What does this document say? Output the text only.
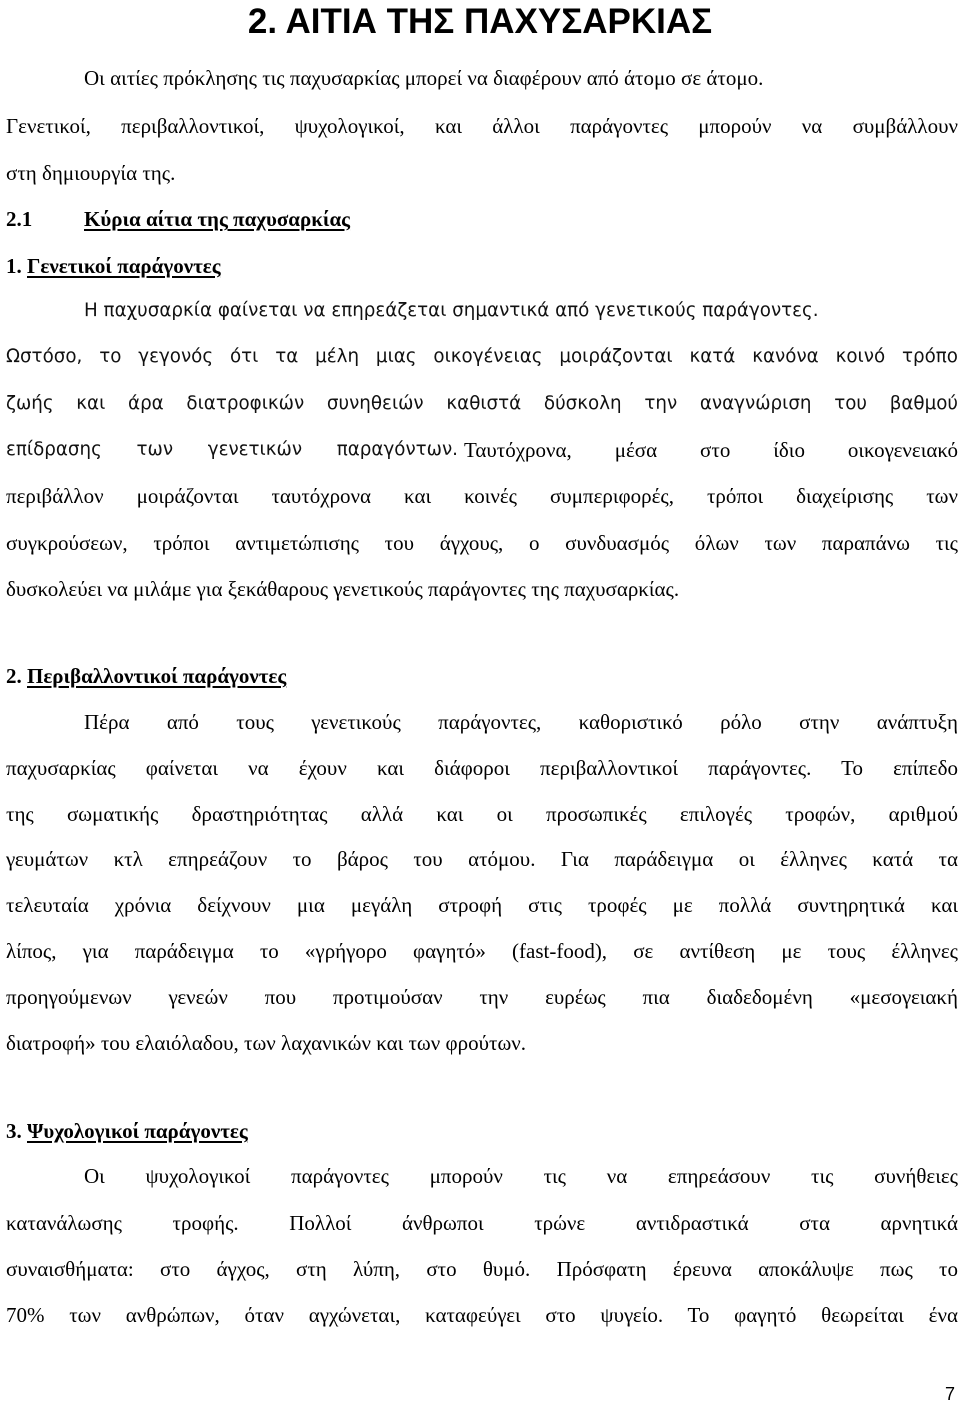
2. ΑΙΤΙΑ ΤΗΣ ΠΑΧΥΣΑΡΚΙΑΣ

Οι αιτίες πρόκλησης τις παχυσαρκίας μπορεί να διαφέρουν από άτομο σε άτομο.

Γενετικοί, περιβαλλοντικοί, ψυχολογικοί, και άλλοι παράγοντες μπορούν να συμβάλλουν

στη δημιουργία της.

2.1 Κύρια αίτια της παχυσαρκίας

1. Γενετικοί παράγοντες

Η παχυσαρκία φαίνεται να επηρεάζεται σημαντικά από γενετικούς παράγοντες.

Ωστόσο, το γεγονός ότι τα μέλη μιας οικογένειας μοιράζονται κατά κανόνα κοινό τρόπο

ζωής και άρα διατροφικών συνηθειών καθιστά δύσκολη την αναγνώριση του βαθμού

επίδρασης των γενετικών παραγόντων. Ταυτόχρονα, μέσα στο ίδιο οικογενειακό

περιβάλλον μοιράζονται ταυτόχρονα και κοινές συμπεριφορές, τρόποι διαχείρισης των

συγκρούσεων, τρόποι αντιμετώπισης του άγχους, ο συνδυασμός όλων των παραπάνω τις

δυσκολεύει να μιλάμε για ξεκάθαρους γενετικούς παράγοντες της παχυσαρκίας.

2. Περιβαλλοντικοί παράγοντες

Πέρα από τους γενετικούς παράγοντες, καθοριστικό ρόλο στην ανάπτυξη

παχυσαρκίας φαίνεται να έχουν και διάφοροι περιβαλλοντικοί παράγοντες. Το επίπεδο

της σωματικής δραστηριότητας αλλά και οι προσωπικές επιλογές τροφών, αριθμού

γευμάτων κτλ επηρεάζουν το βάρος του ατόμου. Για παράδειγμα οι έλληνες κατά τα

τελευταία χρόνια δείχνουν μια μεγάλη στροφή στις τροφές με πολλά συντηρητικά και

λίπος, για παράδειγμα το «γρήγορο φαγητό» (fast-food), σε αντίθεση με τους έλληνες

προηγούμενων γενεών που προτιμούσαν την ευρέως πια διαδεδομένη «μεσογειακή

διατροφή» του ελαιόλαδου, των λαχανικών και των φρούτων.

3. Ψυχολογικοί παράγοντες

Οι ψυχολογικοί παράγοντες μπορούν τις να επηρεάσουν τις συνήθειες

κατανάλωσης τροφής. Πολλοί άνθρωποι τρώνε αντιδραστικά στα αρνητικά

συναισθήματα: στο άγχος, στη λύπη, στο θυμό. Πρόσφατη έρευνα αποκάλυψε πως το

70% των ανθρώπων, όταν αγχώνεται, καταφεύγει στο ψυγείο. Το φαγητό θεωρείται ένα

7
